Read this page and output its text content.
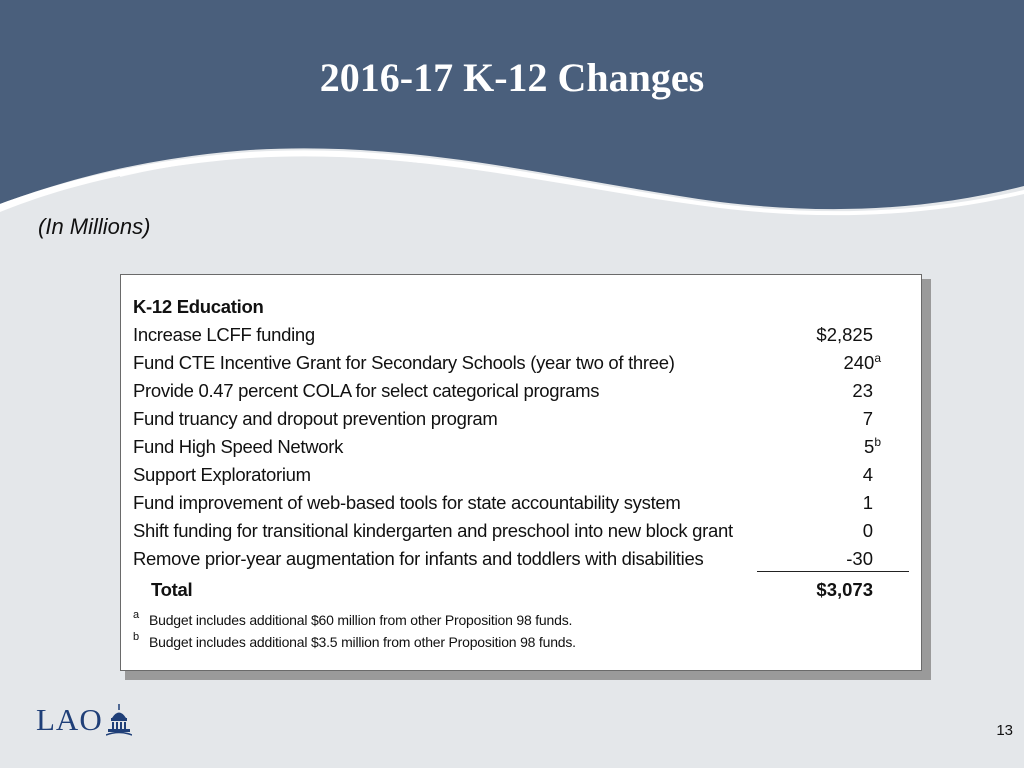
2016-17 K-12 Changes
(In Millions)
K-12 Education
Increase LCFF funding	$2,825
Fund CTE Incentive Grant for Secondary Schools (year two of three)	240$^a$
Provide 0.47 percent COLA for select categorical programs	23
Fund truancy and dropout prevention program	7
Fund High Speed Network	5$^b$
Support Exploratorium	4
Fund improvement of web-based tools for state accountability system	1
Shift funding for transitional kindergarten and preschool into new block grant	0
Remove prior-year augmentation for infants and toddlers with disabilities	-30
Total	$3,073
a Budget includes additional $60 million from other Proposition 98 funds.
b Budget includes additional $3.5 million from other Proposition 98 funds.
LAO	13
